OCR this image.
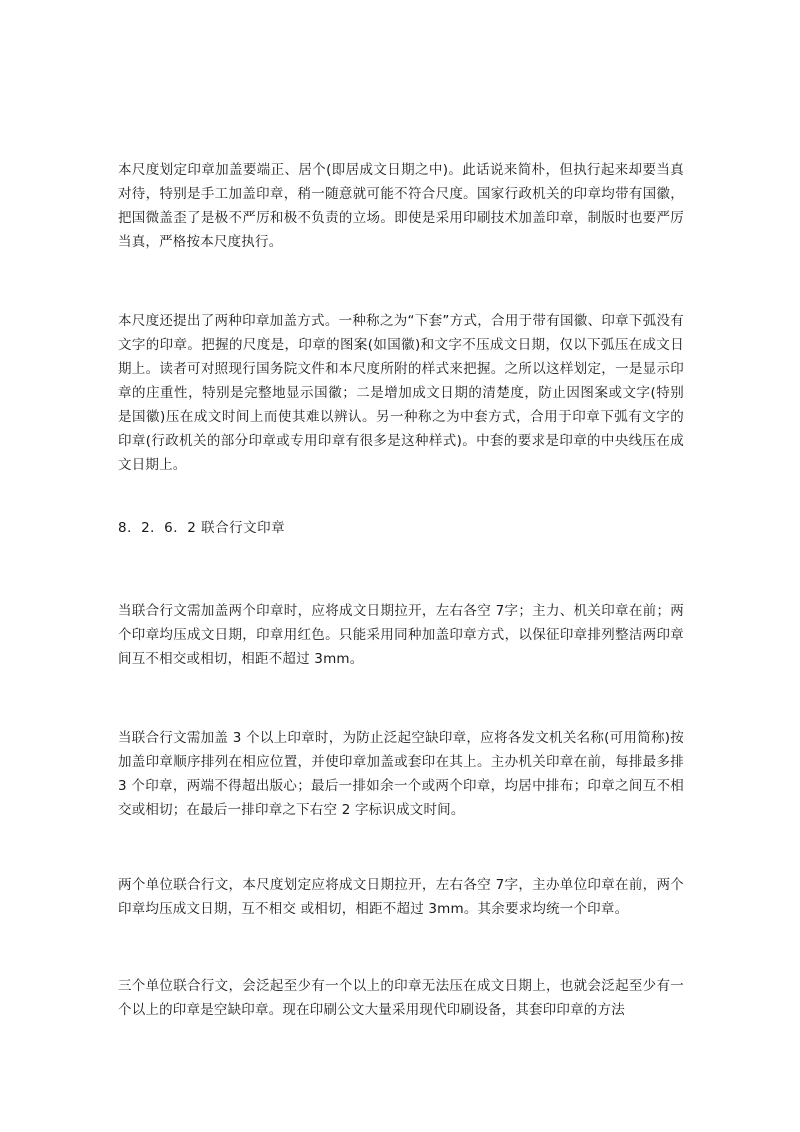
本尺度划定印章加盖要端正、居个(即居成文日期之中)。此话说来简朴，但执行起来却要当真对待，特别是手工加盖印章，稍一随意就可能不符合尺度。国家行政机关的印章均带有国徽，把国微盖歪了是极不严厉和极不负责的立场。即使是采用印刷技术加盖印章，制版时也要严厉当真，严格按本尺度执行。

本尺度还提出了两种印章加盖方式。一种称之为“下套”方式，合用于带有国徽、印章下弧没有文字的印章。把握的尺度是，印章的图案(如国徽)和文字不压成文日期，仅以下弧压在成文日期上。读者可对照现行国务院文件和本尺度所附的样式来把握。之所以这样划定，一是显示印章的庄重性，特别是完整地显示国徽；二是增加成文日期的清楚度，防止因图案或文字(特别是国徽)压在成文时间上而使其难以辨认。另一种称之为中套方式，合用于印章下弧有文字的印章(行政机关的部分印章或专用印章有很多是这种样式)。中套的要求是印章的中央线压在成文日期上。

8．2．6．2 联合行文印章

当联合行文需加盖两个印章时，应将成文日期拉开，左右各空 7字；主力、机关印章在前；两个印章均压成文日期，印章用红色。只能采用同种加盖印章方式，以保征印章排列整洁两印章间互不相交或相切，相距不超过 3mm。

当联合行文需加盖 3 个以上印章时，为防止泛起空缺印章，应将各发文机关名称(可用简称)按加盖印章顺序排列在相应位置，并使印章加盖或套印在其上。主办机关印章在前，每排最多排 3 个印章，两端不得超出版心；最后一排如余一个或两个印章，均居中排布；印章之间互不相交或相切；在最后一排印章之下右空 2 字标识成文时间。

两个单位联合行文，本尺度划定应将成文日期拉开，左右各空 7字，主办单位印章在前，两个印章均压成文日期，互不相交 或相切，相距不超过 3mm。其余要求均统一个印章。

三个单位联合行文，会泛起至少有一个以上的印章无法压在成文日期上，也就会泛起至少有一个以上的印章是空缺印章。现在印刷公文大量采用现代印刷设备，其套印印章的方法
